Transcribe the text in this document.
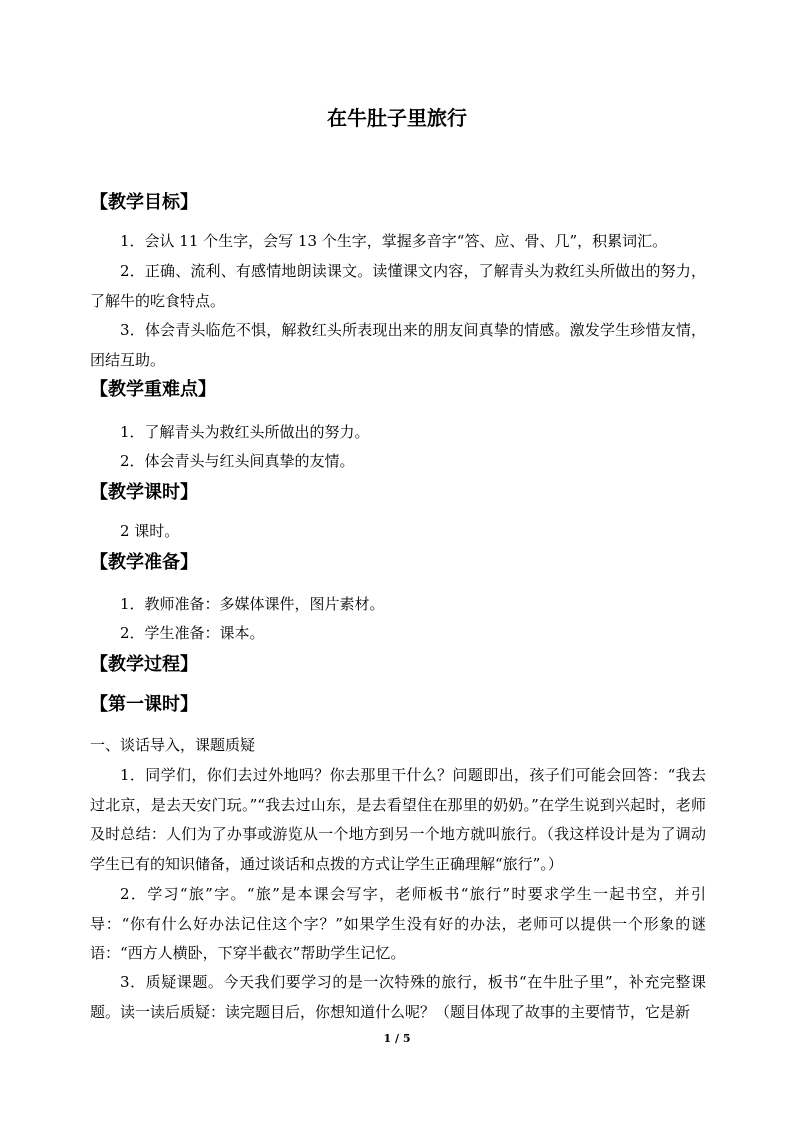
在牛肚子里旅行
【教学目标】

1．会认 11 个生字，会写 13 个生字，掌握多音字“答、应、骨、几”，积累词汇。

2．正确、流利、有感情地朗读课文。读懂课文内容，了解青头为救红头所做出的努力，了解牛的吃食特点。

3．体会青头临危不惧，解救红头所表现出来的朋友间真挚的情感。激发学生珍惜友情，团结互助。

【教学重难点】

1．了解青头为救红头所做出的努力。

2．体会青头与红头间真挚的友情。

【教学课时】

2 课时。

【教学准备】

1．教师准备：多媒体课件，图片素材。

2．学生准备：课本。

【教学过程】
【第一课时】

一、谈话导入，课题质疑

1．同学们，你们去过外地吗？你去那里干什么？问题即出，孩子们可能会回答：“我去过北京，是去天安门玩。”“我去过山东，是去看望住在那里的奶奶。”在学生说到兴起时，老师及时总结：人们为了办事或游览从一个地方到另一个地方就叫旅行。（我这样设计是为了调动学生已有的知识储备，通过谈话和点拨的方式让学生正确理解“旅行”。）

2．学习“旅”字。“旅”是本课会写字，老师板书“旅行”时要求学生一起书空，并引导：“你有什么好办法记住这个字？”如果学生没有好的办法，老师可以提供一个形象的谜语：“西方人横卧，下穿半截衣”帮助学生记忆。

3．质疑课题。今天我们要学习的是一次特殊的旅行，板书“在牛肚子里”，补充完整课题。读一读后质疑：读完题目后，你想知道什么呢？（题目体现了故事的主要情节，它是新

1 / 5
